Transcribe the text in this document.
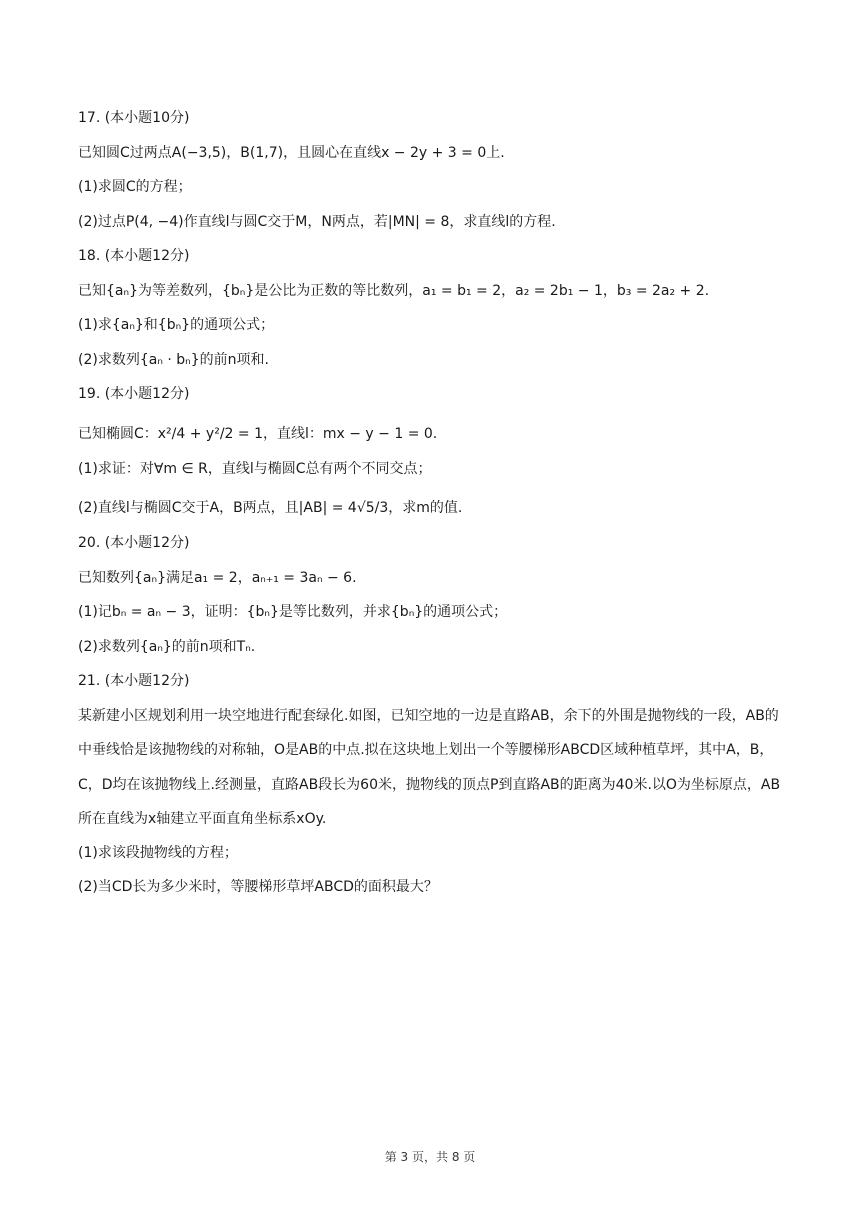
17. (本小题10分)
已知圆C过两点A(−3,5)，B(1,7)，且圆心在直线x − 2y + 3 = 0上.
(1)求圆C的方程；
(2)过点P(4, −4)作直线l与圆C交于M，N两点，若|MN| = 8，求直线l的方程.
18. (本小题12分)
已知{aₙ}为等差数列，{bₙ}是公比为正数的等比数列，a₁ = b₁ = 2，a₂ = 2b₁ − 1，b₃ = 2a₂ + 2.
(1)求{aₙ}和{bₙ}的通项公式；
(2)求数列{aₙ · bₙ}的前n项和.
19. (本小题12分)
已知椭圆C：x²/4 + y²/2 = 1，直线l：mx − y − 1 = 0.
(1)求证：对∀m ∈ R，直线l与椭圆C总有两个不同交点；
(2)直线l与椭圆C交于A，B两点，且|AB| = 4√5/3，求m的值.
20. (本小题12分)
已知数列{aₙ}满足a₁ = 2，aₙ₊₁ = 3aₙ − 6.
(1)记bₙ = aₙ − 3，证明：{bₙ}是等比数列，并求{bₙ}的通项公式；
(2)求数列{aₙ}的前n项和Tₙ.
21. (本小题12分)
某新建小区规划利用一块空地进行配套绿化.如图，已知空地的一边是直路AB，余下的外围是抛物线的一段，AB的中垂线恰是该抛物线的对称轴，O是AB的中点.拟在这块地上划出一个等腰梯形ABCD区域种植草坪，其中A，B，C，D均在该抛物线上.经测量，直路AB段长为60米，抛物线的顶点P到直路AB的距离为40米.以O为坐标原点，AB所在直线为x轴建立平面直角坐标系xOy.
(1)求该段抛物线的方程；
(2)当CD长为多少米时，等腰梯形草坪ABCD的面积最大？
第 3 页，共 8 页
